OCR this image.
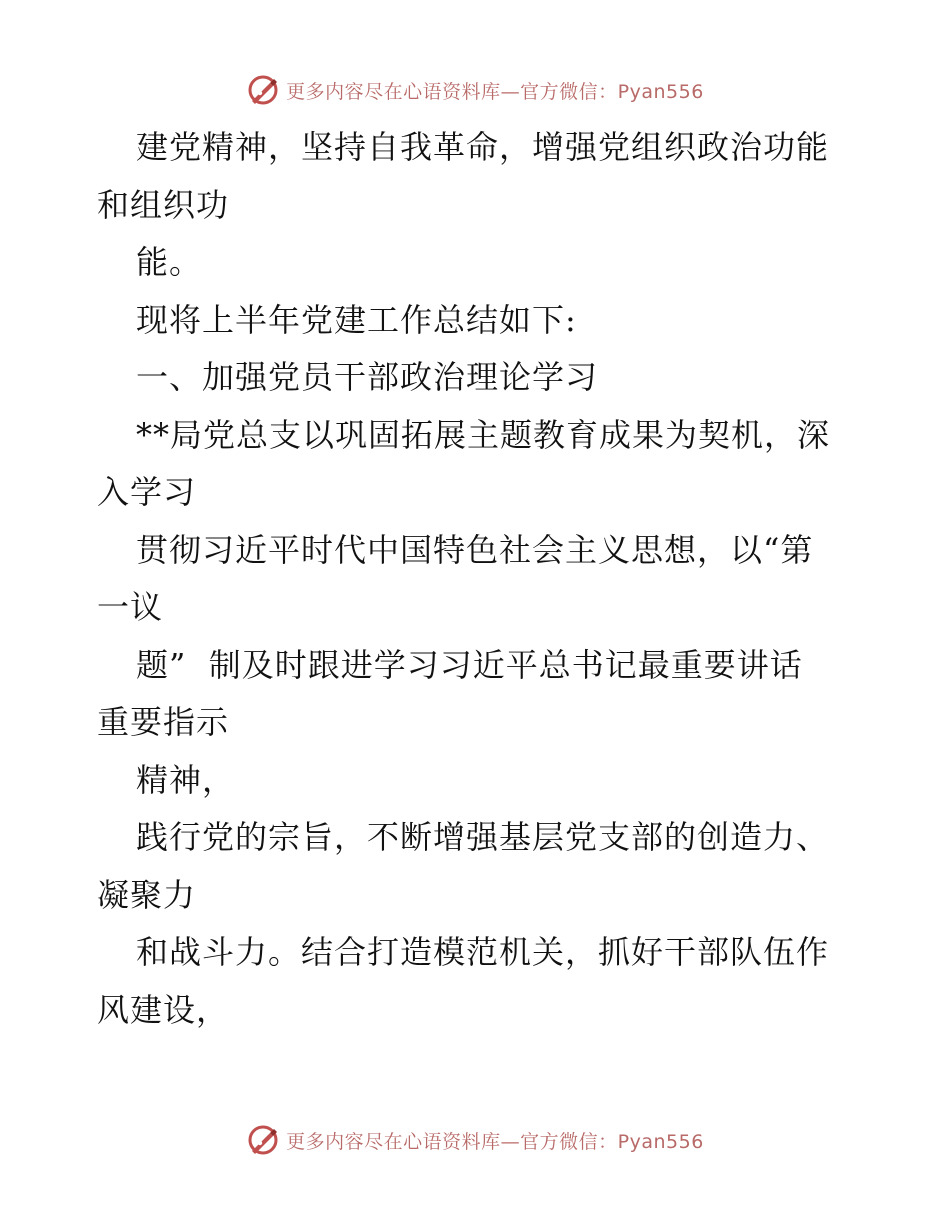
更多内容尽在心语资料库—官方微信：Pyan556
建党精神，坚持自我革命，增强党组织政治功能
和组织功
能。
现将上半年党建工作总结如下:
一、加强党员干部政治理论学习
**局党总支以巩固拓展主题教育成果为契机，深
入学习
贯彻习近平时代中国特色社会主义思想，以“第
一议
题”  制及时跟进学习习近平总书记最重要讲话
重要指示
精神，
践行党的宗旨，不断增强基层党支部的创造力、
凝聚力
和战斗力。结合打造模范机关，抓好干部队伍作
风建设，
更多内容尽在心语资料库—官方微信：Pyan556
